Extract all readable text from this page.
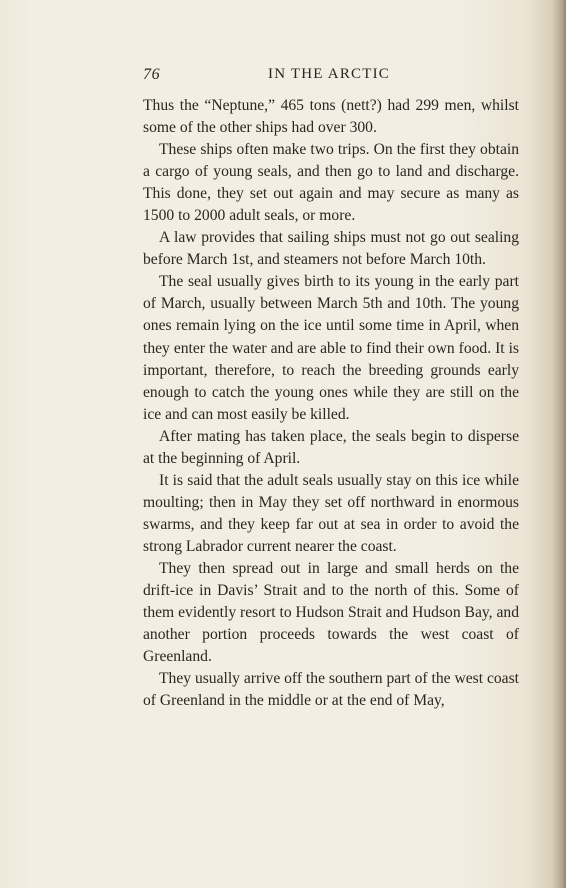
76	IN THE ARCTIC

Thus the “Neptune,” 465 tons (nett?) had 299 men, whilst some of the other ships had over 300.

These ships often make two trips. On the first they obtain a cargo of young seals, and then go to land and discharge. This done, they set out again and may secure as many as 1500 to 2000 adult seals, or more.

A law provides that sailing ships must not go out sealing before March 1st, and steamers not before March 10th.

The seal usually gives birth to its young in the early part of March, usually between March 5th and 10th. The young ones remain lying on the ice until some time in April, when they enter the water and are able to find their own food. It is important, therefore, to reach the breeding grounds early enough to catch the young ones while they are still on the ice and can most easily be killed.

After mating has taken place, the seals begin to disperse at the beginning of April.

It is said that the adult seals usually stay on this ice while moulting; then in May they set off northward in enormous swarms, and they keep far out at sea in order to avoid the strong Labrador current nearer the coast.

They then spread out in large and small herds on the drift-ice in Davis’ Strait and to the north of this. Some of them evidently resort to Hudson Strait and Hudson Bay, and another portion proceeds towards the west coast of Greenland.

They usually arrive off the southern part of the west coast of Greenland in the middle or at the end of May,
